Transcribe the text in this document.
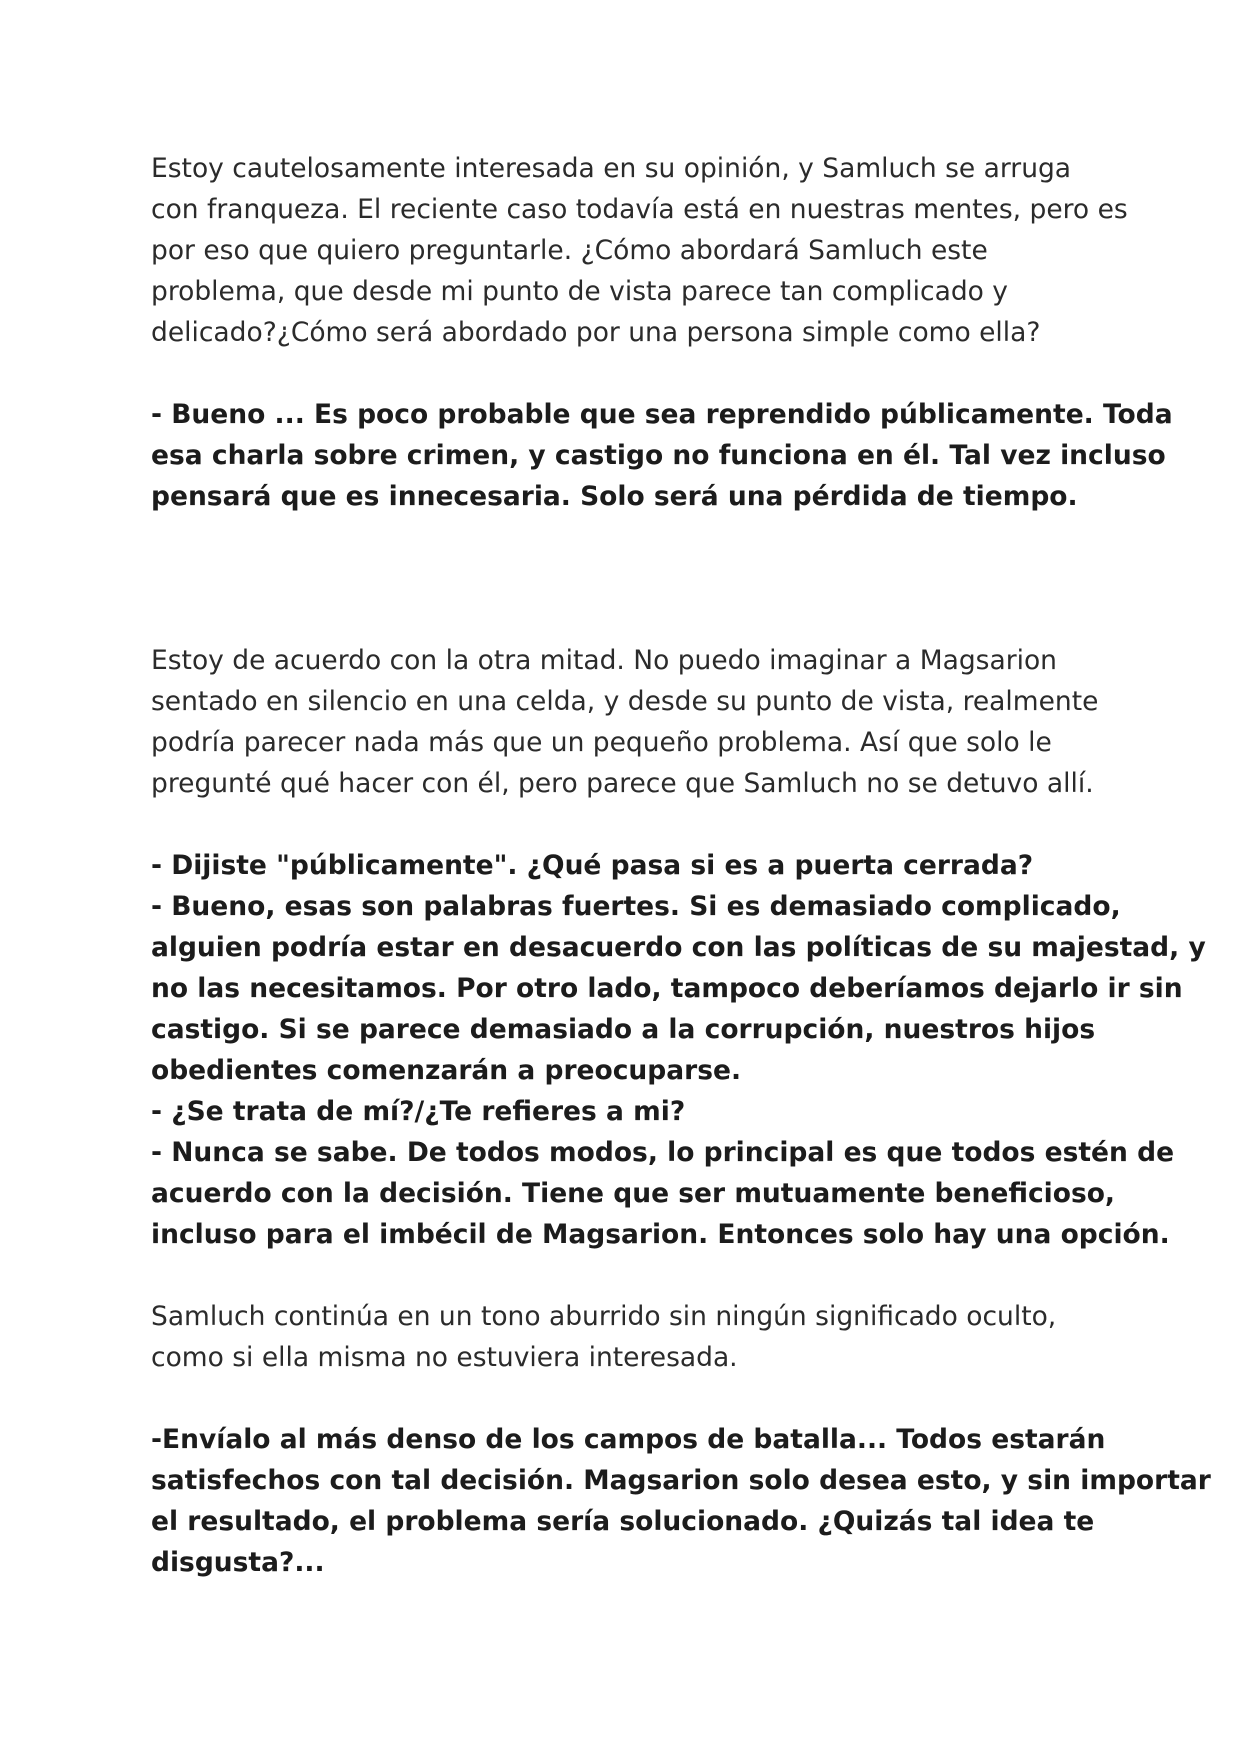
Estoy cautelosamente interesada en su opinión, y Samluch se arruga
con franqueza. El reciente caso todavía está en nuestras mentes, pero es
por eso que quiero preguntarle. ¿Cómo abordará Samluch este
problema, que desde mi punto de vista parece tan complicado y
delicado?¿Cómo será abordado por una persona simple como ella?

- Bueno ... Es poco probable que sea reprendido públicamente. Toda
esa charla sobre crimen, y castigo no funciona en él. Tal vez incluso
pensará que es innecesaria. Solo será una pérdida de tiempo.

Estoy de acuerdo con la otra mitad. No puedo imaginar a Magsarion
sentado en silencio en una celda, y desde su punto de vista, realmente
podría parecer nada más que un pequeño problema. Así que solo le
pregunté qué hacer con él, pero parece que Samluch no se detuvo allí.

- Dijiste "públicamente". ¿Qué pasa si es a puerta cerrada?
- Bueno, esas son palabras fuertes. Si es demasiado complicado,
alguien podría estar en desacuerdo con las políticas de su majestad, y
no las necesitamos. Por otro lado, tampoco deberíamos dejarlo ir sin
castigo. Si se parece demasiado a la corrupción, nuestros hijos
obedientes comenzarán a preocuparse.
- ¿Se trata de mí?/¿Te refieres a mi?
- Nunca se sabe. De todos modos, lo principal es que todos estén de
acuerdo con la decisión. Tiene que ser mutuamente beneficioso,
incluso para el imbécil de Magsarion. Entonces solo hay una opción.

Samluch continúa en un tono aburrido sin ningún significado oculto,
como si ella misma no estuviera interesada.

-Envíalo al más denso de los campos de batalla... Todos estarán
satisfechos con tal decisión. Magsarion solo desea esto, y sin importar
el resultado, el problema sería solucionado. ¿Quizás tal idea te
disgusta?...
